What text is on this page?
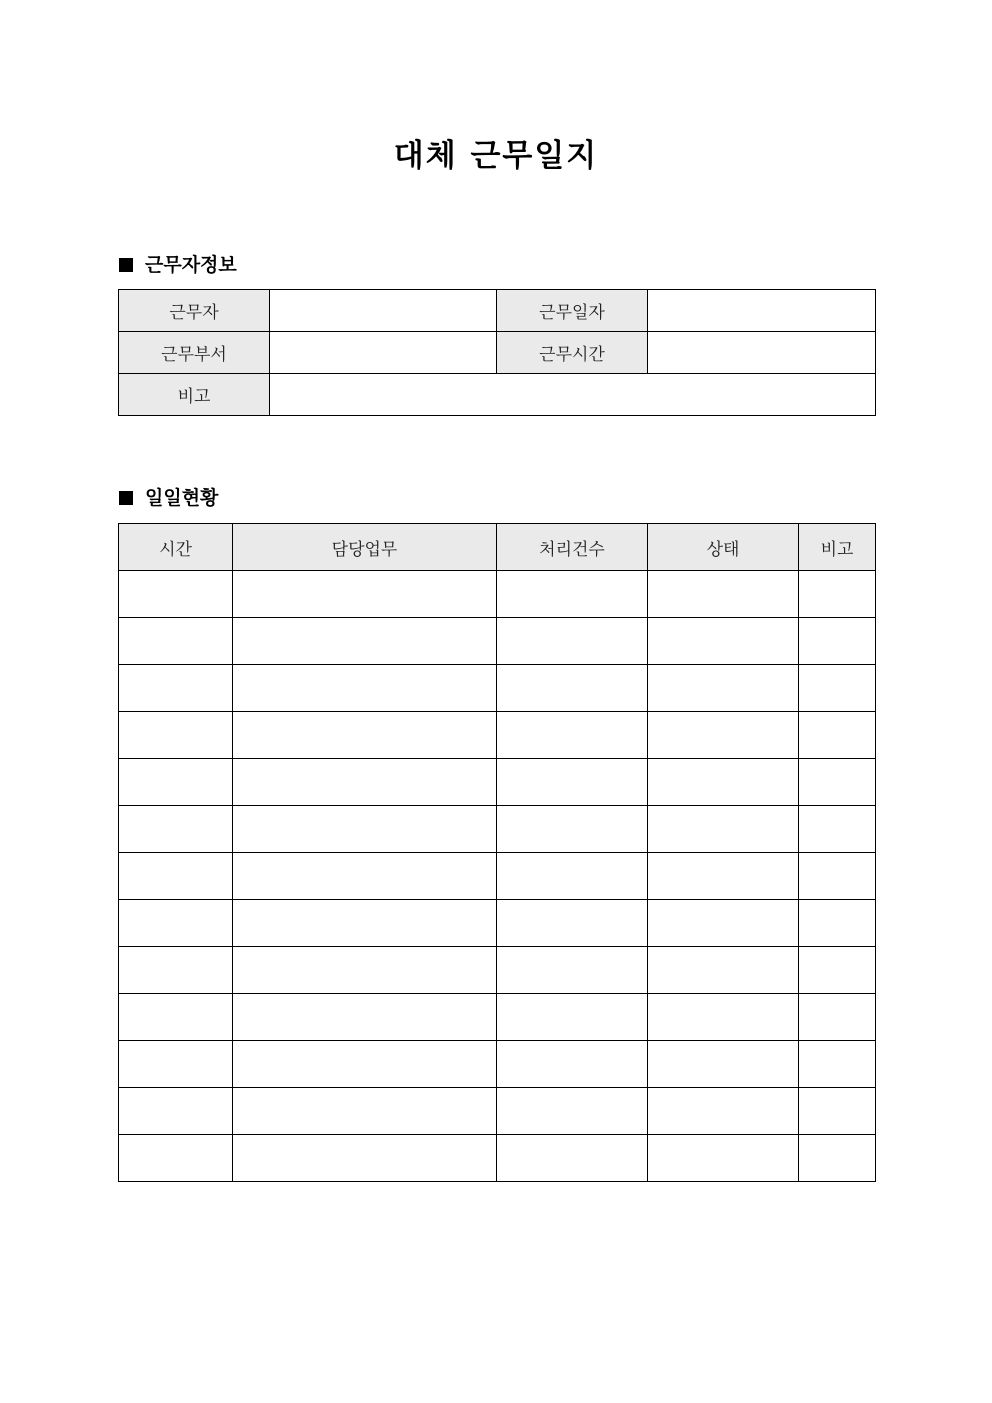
대체 근무일지
근무자정보
근무자		근무일자	
근무부서		근무시간	
비고			
일일현황
시간	담당업무	처리건수	상태	비고
